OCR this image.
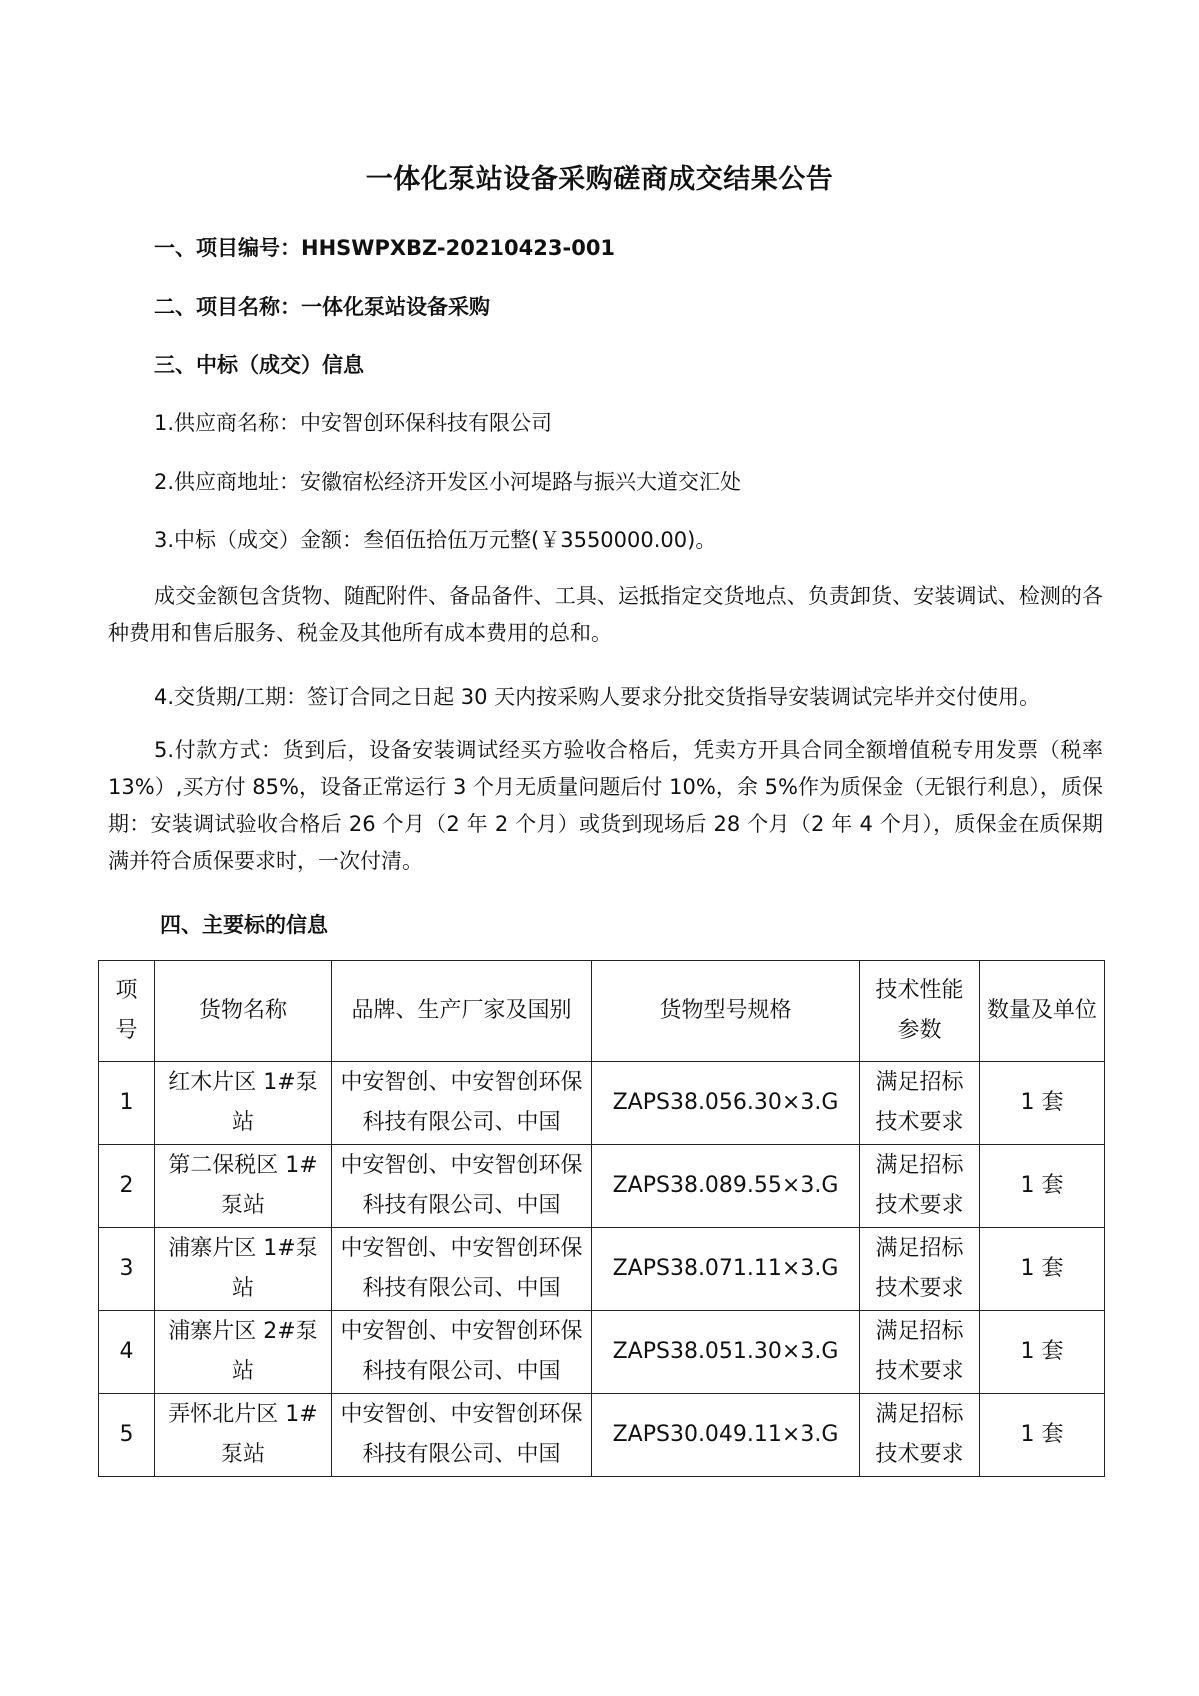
一体化泵站设备采购磋商成交结果公告
一、项目编号：HHSWPXBZ-20210423-001
二、项目名称：一体化泵站设备采购
三、中标（成交）信息
1.供应商名称：中安智创环保科技有限公司
2.供应商地址：安徽宿松经济开发区小河堤路与振兴大道交汇处
3.中标（成交）金额：叁佰伍拾伍万元整(￥3550000.00)。
成交金额包含货物、随配附件、备品备件、工具、运抵指定交货地点、负责卸货、安装调试、检测的各种费用和售后服务、税金及其他所有成本费用的总和。
4.交货期/工期：签订合同之日起 30 天内按采购人要求分批交货指导安装调试完毕并交付使用。
5.付款方式：货到后，设备安装调试经买方验收合格后，凭卖方开具合同全额增值税专用发票（税率 13%）,买方付 85%，设备正常运行 3 个月无质量问题后付 10%，余 5%作为质保金（无银行利息），质保期：安装调试验收合格后 26 个月（2 年 2 个月）或货到现场后 28 个月（2 年 4 个月），质保金在质保期满并符合质保要求时，一次付清。
四、主要标的信息
项号	货物名称	品牌、生产厂家及国别	货物型号规格	技术性能参数	数量及单位
1	红木片区 1#泵站	中安智创、中安智创环保科技有限公司、中国	ZAPS38.056.30×3.G	满足招标技术要求	1 套
2	第二保税区 1#泵站	中安智创、中安智创环保科技有限公司、中国	ZAPS38.089.55×3.G	满足招标技术要求	1 套
3	浦寨片区 1#泵站	中安智创、中安智创环保科技有限公司、中国	ZAPS38.071.11×3.G	满足招标技术要求	1 套
4	浦寨片区 2#泵站	中安智创、中安智创环保科技有限公司、中国	ZAPS38.051.30×3.G	满足招标技术要求	1 套
5	弄怀北片区 1#泵站	中安智创、中安智创环保科技有限公司、中国	ZAPS30.049.11×3.G	满足招标技术要求	1 套
